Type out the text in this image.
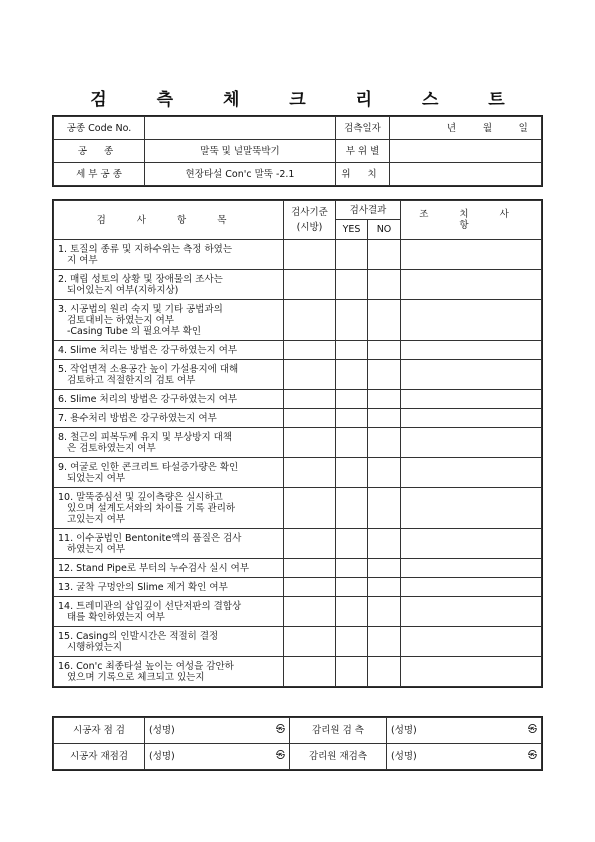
검 측 체 크 리 스 트
공종 Code No.		검측일자		년	월	일
공 종	말뚝 및 널말뚝박기	부 위 별				
세 부 공 종	현장타설 Con'c 말뚝 -2.1	위 치				
검 사 항 목	검사기준
(시방)	검사결과		조 치 사 항
		YES	NO	

1. 토질의 종류 및 지하수위는 측정 하였는
지 여부				

2. 매립 성토의 상황 및 장애물의 조사는
되어있는지 여부(지하지상)				

3. 시공법의 원리 숙지 및 기타 공법과의
검토대비는 하였는지 여부
-Casing Tube 의 필요여부 확인				

4. Slime 처리는 방법은 강구하였는지 여부				

5. 작업면적 소용공간 높이 가설용지에 대해
검토하고 적절한지의 검토 여부				

6. Slime 처리의 방법은 강구하였는지 여부				

7. 용수처리 방법은 강구하였는지 여부				

8. 철근의 피복두께 유지 및 부상방지 대책
은 검토하였는지 여부				

9. 여굴로 인한 콘크리트 타설증가량은 확인
되었는지 여부				

10. 말뚝중심선 및 깊이측량은 실시하고
있으며 설계도서와의 차이를 기록 관리하
고있는지 여부				

11. 이수공법인 Bentonite액의 품질은 검사
하였는지 여부				

12. Stand Pipe로 부터의 누수검사 실시 여부				

13. 굴착 구멍안의 Slime 제거 확인 여부				

14. 트레미관의 삽입깊이 선단저판의 결합상
태를 확인하였는지 여부				

15. Casing의 인발시간은 적절히 결정
시행하였는지				

16. Con'c 최종타설 높이는 여성을 감안하
였으며 기록으로 체크되고 있는지				

시공자 점 검	(성명) ㉿	감리원 검 측	(성명) ㉿

시공자 재점검	(성명) ㉿	감리원 재검측	(성명) ㉿
